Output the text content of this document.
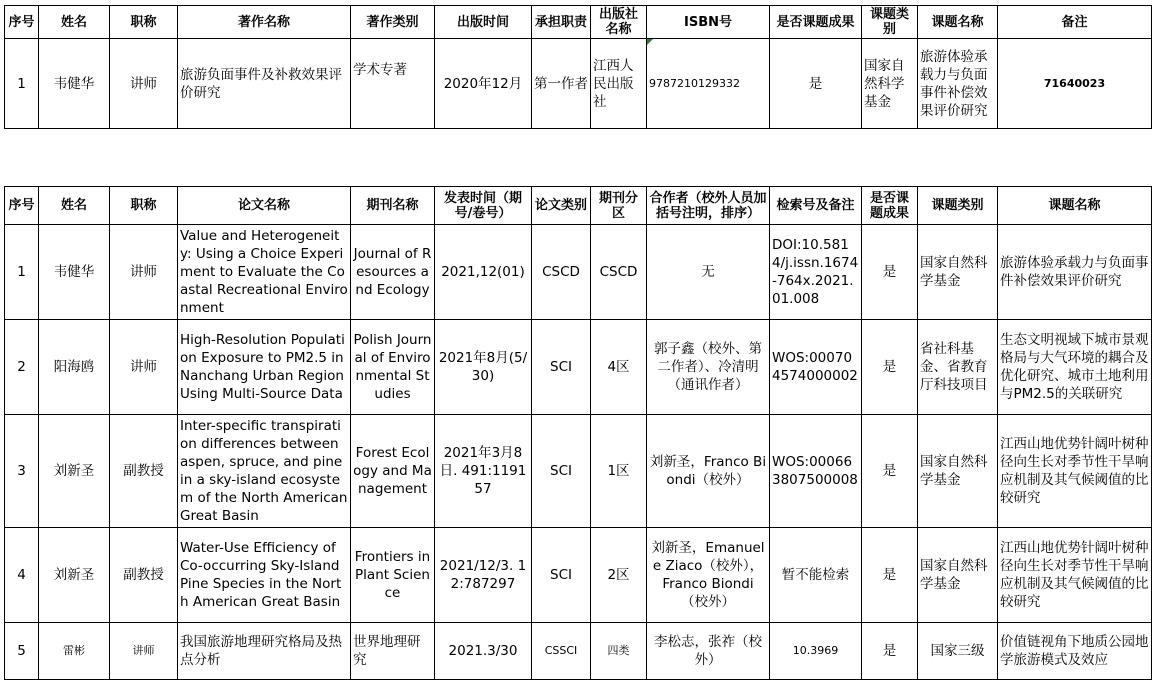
序号	姓名	职称	著作名称	著作类别	出版时间	承担职责	出版社名称	ISBN号	是否课题成果	课题类别	课题名称	备注
1	韦健华	讲师	旅游负面事件及补救效果评价研究	学术专著	2020年12月	第一作者	江西人民出版社	9787210129332	是	国家自然科学基金	旅游体验承载力与负面事件补偿效果评价研究	71640023
序号	姓名	职称	论文名称	期刊名称	发表时间（期号/卷号）	论文类别	期刊分区	合作者（校外人员加括号注明，排序）	检索号及备注	是否课题成果	课题类别	课题名称
1	韦健华	讲师	Value and Heterogeneity: Using a Choice Experiment to Evaluate the Coastal Recreational Environment	Journal of Resources and Ecology	2021,12(01)	CSCD	CSCD	无	DOI:10.5814/j.issn.1674-764x.2021.01.008	是	国家自然科学基金	旅游体验承载力与负面事件补偿效果评价研究
2	阳海鸥	讲师	High-Resolution Population Exposure to PM2.5 in Nanchang Urban Region Using Multi-Source Data	Polish Journal of Environmental Studies	2021年8月(5/30)	SCI	4区	郭子鑫（校外、第二作者）、冷清明（通讯作者）	WOS:000704574000002	是	省社科基金、省教育厅科技项目	生态文明视域下城市景观格局与大气环境的耦合及优化研究、城市土地利用与PM2.5的关联研究
3	刘新圣	副教授	Inter-specific transpiration differences between aspen, spruce, and pine in a sky-island ecosystem of the North American Great Basin	Forest Ecology and Management	2021年3月8日. 491:119157	SCI	1区	刘新圣，Franco Biondi（校外）	WOS:000663807500008	是	国家自然科学基金	江西山地优势针阔叶树种径向生长对季节性干旱响应机制及其气候阈值的比较研究
4	刘新圣	副教授	Water-Use Efficiency of Co-occurring Sky-Island Pine Species in the North American Great Basin	Frontiers in Plant Science	2021/12/3. 12:787297	SCI	2区	刘新圣，Emanuele Ziaco（校外），Franco Biondi（校外）	暂不能检索	是	国家自然科学基金	江西山地优势针阔叶树种径向生长对季节性干旱响应机制及其气候阈值的比较研究
5	雷彬	讲师	我国旅游地理研究格局及热点分析	世界地理研究	2021.3/30	CSSCI	四类	李松志，张祚（校外）	10.3969	是	国家三级	价值链视角下地质公园地学旅游模式及效应
